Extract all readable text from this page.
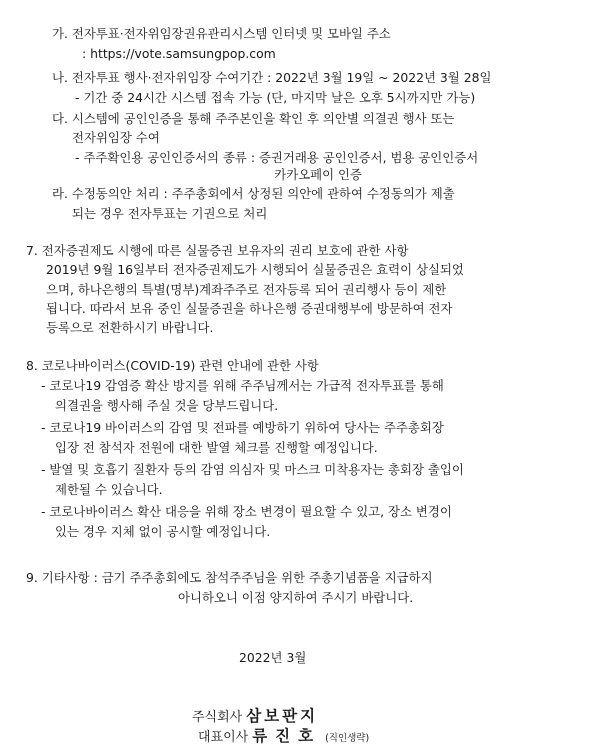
가. 전자투표·전자위임장권유관리시스템 인터넷 및 모바일 주소
: https://vote.samsungpop.com
나. 전자투표 행사·전자위임장 수여기간 : 2022년 3월 19일 ~ 2022년 3월 28일
- 기간 중 24시간 시스템 접속 가능 (단, 마지막 날은 오후 5시까지만 가능)
다. 시스템에 공인인증을 통해 주주본인을 확인 후 의안별 의결권 행사 또는
전자위임장 수여
- 주주확인용 공인인증서의 종류 : 증권거래용 공인인증서, 범용 공인인증서
카카오페이 인증
라. 수정동의안 처리 : 주주총회에서 상정된 의안에 관하여 수정동의가 제출
되는 경우 전자투표는 기권으로 처리
7. 전자증권제도 시행에 따른 실물증권 보유자의 권리 보호에 관한 사항
2019년 9월 16일부터 전자증권제도가 시행되어 실물증권은 효력이 상실되었
으며, 하나은행의 특별(명부)계좌주주로 전자등록 되어 권리행사 등이 제한
됩니다. 따라서 보유 중인 실물증권을 하나은행 증권대행부에 방문하여 전자
등록으로 전환하시기 바랍니다.
8. 코로나바이러스(COVID-19) 관련 안내에 관한 사항
- 코로나19 감염증 확산 방지를 위해 주주님께서는 가급적 전자투표를 통해
의결권을 행사해 주실 것을 당부드립니다.
- 코로나19 바이러스의 감염 및 전파를 예방하기 위하여 당사는 주주총회장
입장 전 참석자 전원에 대한 발열 체크를 진행할 예정입니다.
- 발열 및 호흡기 질환자 등의 감염 의심자 및 마스크 미착용자는 총회장 출입이
제한될 수 있습니다.
- 코로나바이러스 확산 대응을 위해 장소 변경이 필요할 수 있고, 장소 변경이
있는 경우 지체 없이 공시할 예정입니다.
9. 기타사항 : 금기 주주총회에도 참석주주님을 위한 주총기념품을 지급하지
아니하오니 이점 양지하여 주시기 바랍니다.
2022년 3월
주식회사 삼보판지
대표이사 류진호 (직인생략)
